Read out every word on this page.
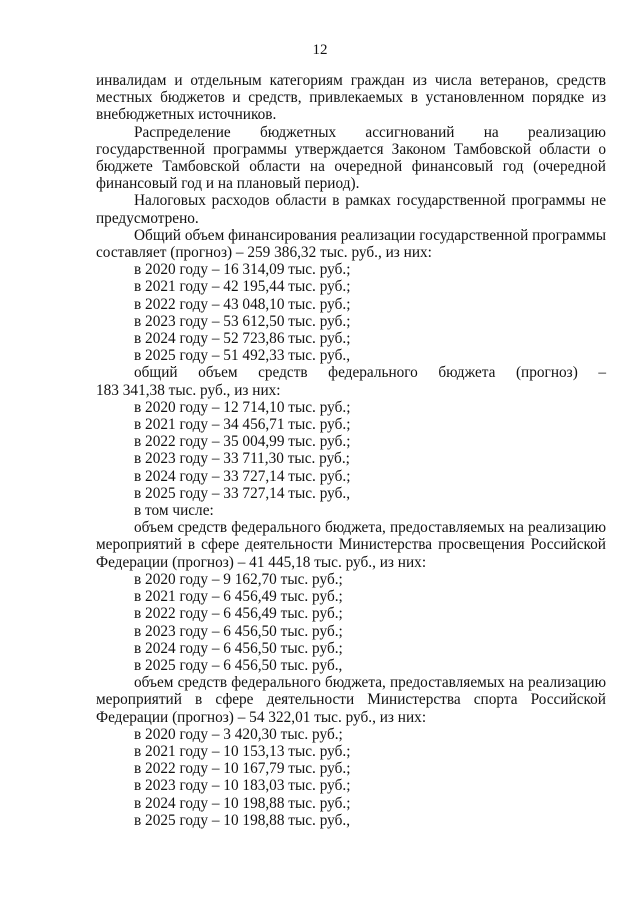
12

инвалидам и отдельным категориям граждан из числа ветеранов, средств местных бюджетов и средств, привлекаемых в установленном порядке из внебюджетных источников.

Распределение бюджетных ассигнований на реализацию государственной программы утверждается Законом Тамбовской области о бюджете Тамбовской области на очередной финансовый год (очередной финансовый год и на плановый период).

Налоговых расходов области в рамках государственной программы не предусмотрено.

Общий объем финансирования реализации государственной программы составляет (прогноз) – 259 386,32 тыс. руб., из них:

в 2020 году – 16 314,09 тыс. руб.;

в 2021 году – 42 195,44 тыс. руб.;

в 2022 году – 43 048,10 тыс. руб.;

в 2023 году – 53 612,50 тыс. руб.;

в 2024 году – 52 723,86 тыс. руб.;

в 2025 году – 51 492,33 тыс. руб.,

общий объем средств федерального бюджета (прогноз) –

183 341,38 тыс. руб., из них:

в 2020 году – 12 714,10 тыс. руб.;

в 2021 году – 34 456,71 тыс. руб.;

в 2022 году – 35 004,99 тыс. руб.;

в 2023 году – 33 711,30 тыс. руб.;

в 2024 году – 33 727,14 тыс. руб.;

в 2025 году – 33 727,14 тыс. руб.,

в том числе:

объем средств федерального бюджета, предоставляемых на реализацию мероприятий в сфере деятельности Министерства просвещения Российской Федерации (прогноз) – 41 445,18 тыс. руб., из них:

в 2020 году – 9 162,70 тыс. руб.;

в 2021 году – 6 456,49 тыс. руб.;

в 2022 году – 6 456,49 тыс. руб.;

в 2023 году – 6 456,50 тыс. руб.;

в 2024 году – 6 456,50 тыс. руб.;

в 2025 году – 6 456,50 тыс. руб.,

объем средств федерального бюджета, предоставляемых на реализацию мероприятий в сфере деятельности Министерства спорта Российской Федерации (прогноз) – 54 322,01 тыс. руб., из них:

в 2020 году – 3 420,30 тыс. руб.;

в 2021 году – 10 153,13 тыс. руб.;

в 2022 году – 10 167,79 тыс. руб.;

в 2023 году – 10 183,03 тыс. руб.;

в 2024 году – 10 198,88 тыс. руб.;

в 2025 году – 10 198,88 тыс. руб.,
